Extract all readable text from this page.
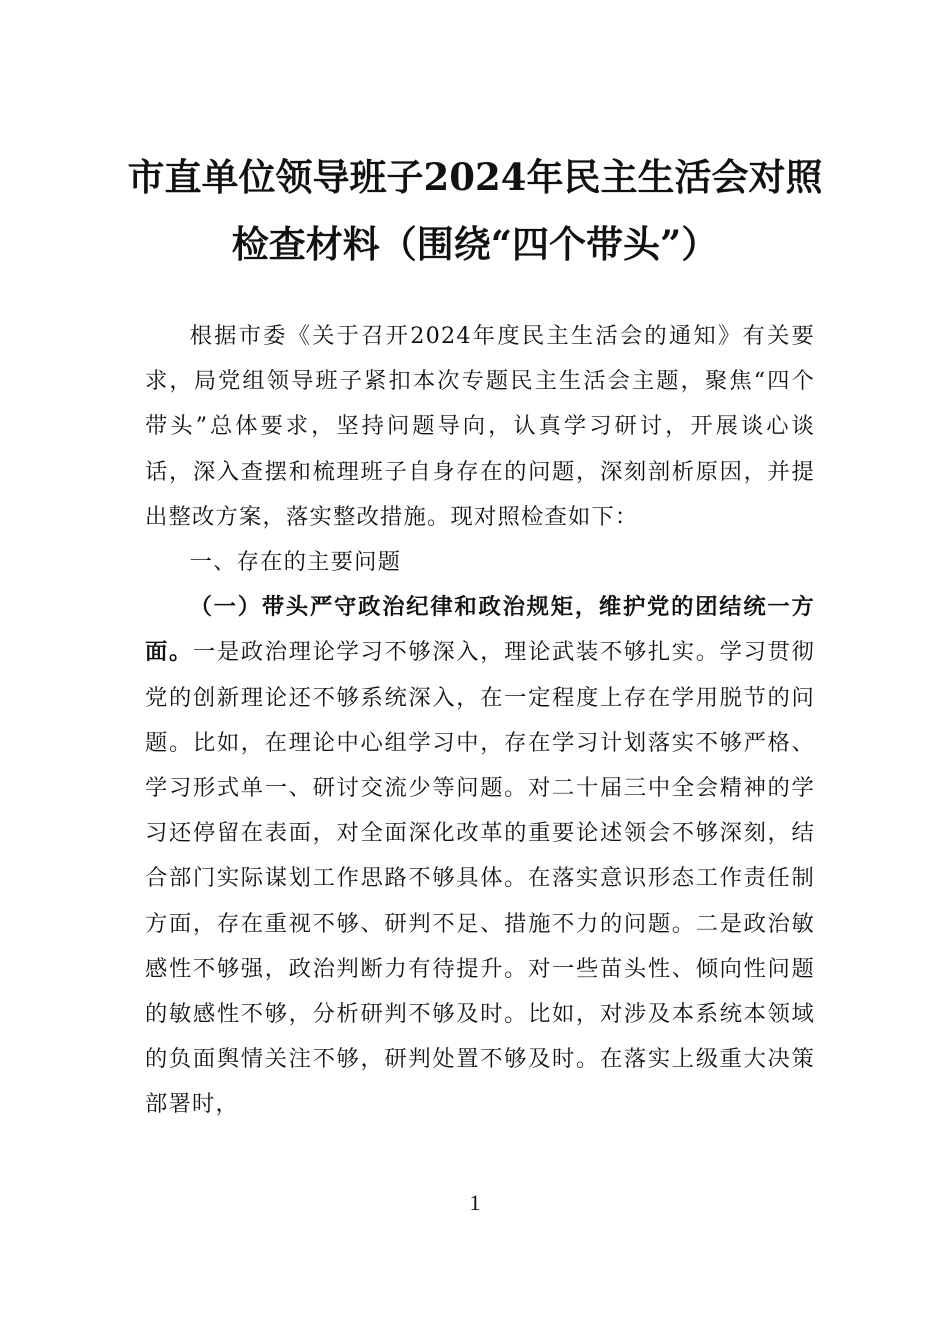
市直单位领导班子2024年民主生活会对照
检查材料（围绕“四个带头”）

根据市委《关于召开2024年度民主生活会的通知》有关要求，局党组领导班子紧扣本次专题民主生活会主题，聚焦“四个带头”总体要求，坚持问题导向，认真学习研讨，开展谈心谈话，深入查摆和梳理班子自身存在的问题，深刻剖析原因，并提出整改方案，落实整改措施。现对照检查如下：

一、存在的主要问题

（一）带头严守政治纪律和政治规矩，维护党的团结统一方面。一是政治理论学习不够深入，理论武装不够扎实。学习贯彻党的创新理论还不够系统深入，在一定程度上存在学用脱节的问题。比如，在理论中心组学习中，存在学习计划落实不够严格、学习形式单一、研讨交流少等问题。对二十届三中全会精神的学习还停留在表面，对全面深化改革的重要论述领会不够深刻，结合部门实际谋划工作思路不够具体。在落实意识形态工作责任制方面，存在重视不够、研判不足、措施不力的问题。二是政治敏感性不够强，政治判断力有待提升。对一些苗头性、倾向性问题的敏感性不够，分析研判不够及时。比如，对涉及本系统本领域的负面舆情关注不够，研判处置不够及时。在落实上级重大决策部署时，

1
